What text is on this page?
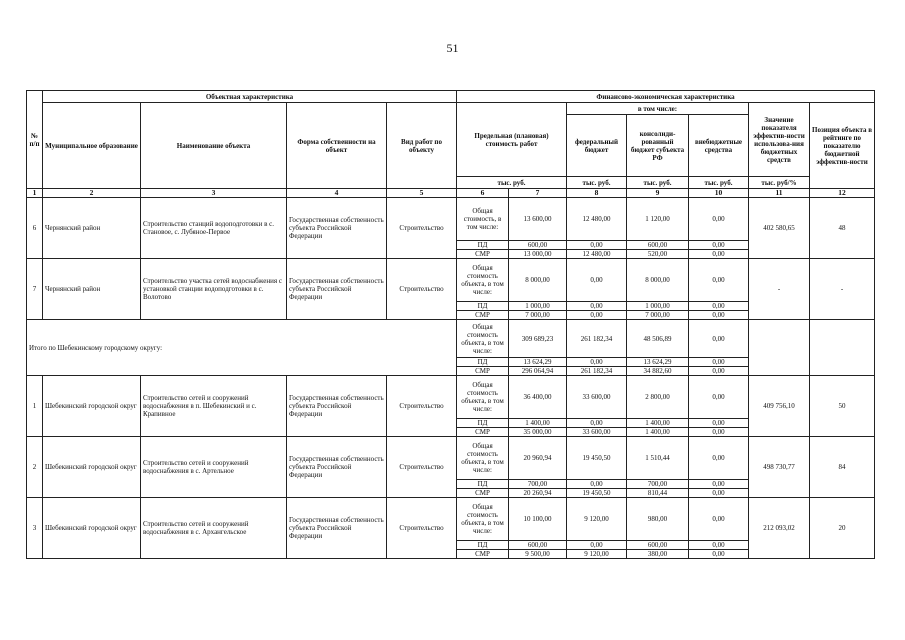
51
№
п/п	Объектная характеристика				Финансово-экономическая характеристика						
	Муниципальное образование	Наименование объекта	Форма собственности на объект	Вид работ по объекту	Предельная (плановая) стоимость работ		в том числе:			Значение показателя эффектив-ности использова-ния бюджетных средств	Позиция объекта в рейтинге по показателю бюджетной эффектив-ности
							федеральный бюджет	консолиди-рованный бюджет субъекта РФ	внебюджетные средства		
					тыс. руб.		тыс. руб.	тыс. руб.	тыс. руб.	тыс. руб/%	
1	2	3	4	5	6	7	8	9	10	11	12
6	Чернянский район	Строительство станций водоподготовки в с. Становое, с. Лубяное-Первое	Государственная собственность субъекта Российской Федерации	Строительство	Общая стоимость, в том числе:	13 600,00	12 480,00	1 120,00	0,00	402 580,65	48
					ПД	600,00	0,00	600,00	0,00		
					СМР	13 000,00	12 480,00	520,00	0,00		
7	Чернянский район	Строительство участка сетей водоснабжения с установкой станции водоподготовки в с. Волотово	Государственная собственность субъекта Российской Федерации	Строительство	Общая стоимость объекта, в том числе:	8 000,00	0,00	8 000,00	0,00	-	-
					ПД	1 000,00	0,00	1 000,00	0,00		
					СМР	7 000,00	0,00	7 000,00	0,00		
Итого по Шебекинскому городскому округу:					Общая стоимость объекта, в том числе:	309 689,23	261 182,34	48 506,89	0,00		
					ПД	13 624,29	0,00	13 624,29	0,00		
					СМР	296 064,94	261 182,34	34 882,60	0,00		
1	Шебекинский городской округ	Строительство сетей и сооружений водоснабжения в п. Шебекинский и с. Крапивное	Государственная собственность субъекта Российской Федерации	Строительство	Общая стоимость объекта, в том числе:	36 400,00	33 600,00	2 800,00	0,00	409 756,10	50
					ПД	1 400,00	0,00	1 400,00	0,00		
					СМР	35 000,00	33 600,00	1 400,00	0,00		
2	Шебекинский городской округ	Строительство сетей и сооружений водоснабжения в с. Артельное	Государственная собственность субъекта Российской Федерации	Строительство	Общая стоимость объекта, в том числе:	20 960,94	19 450,50	1 510,44	0,00	498 730,77	84
					ПД	700,00	0,00	700,00	0,00		
					СМР	20 260,94	19 450,50	810,44	0,00		
3	Шебекинский городской округ	Строительство сетей и сооружений водоснабжения в с. Архангельское	Государственная собственность субъекта Российской Федерации	Строительство	Общая стоимость объекта, в том числе:	10 100,00	9 120,00	980,00	0,00	212 093,02	20
					ПД	600,00	0,00	600,00	0,00		
					СМР	9 500,00	9 120,00	380,00	0,00		
